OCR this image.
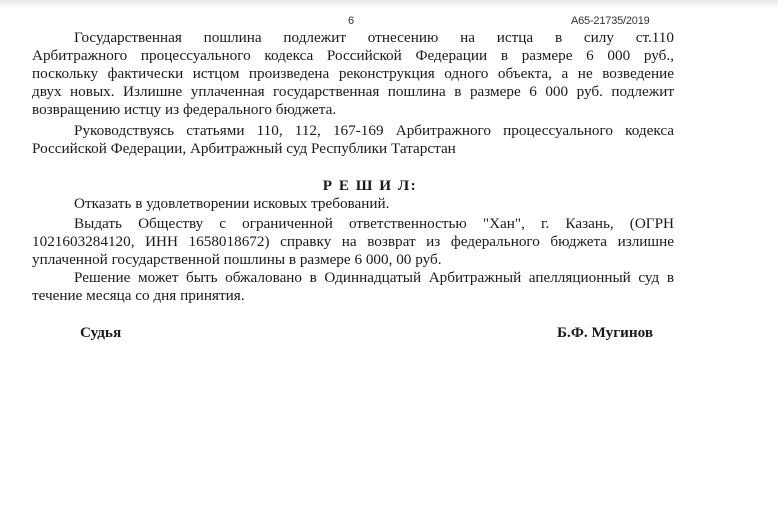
6	А65-21735/2019
Государственная пошлина подлежит отнесению на истца в силу ст.110
Арбитражного процессуального кодекса Российской Федерации в размере 6 000 руб.,
поскольку фактически истцом произведена реконструкция одного объекта, а не возведение
двух новых. Излишне уплаченная государственная пошлина в размере 6 000 руб. подлежит
возвращению истцу из федерального бюджета.
Руководствуясь статьями 110, 112, 167-169 Арбитражного процессуального кодекса
Российской Федерации, Арбитражный суд Республики Татарстан
Р Е Ш И Л:
Отказать в удовлетворении исковых требований.
Выдать Обществу с ограниченной ответственностью "Хан", г. Казань, (ОГРН
1021603284120, ИНН 1658018672) справку на возврат из федерального бюджета излишне
уплаченной государственной пошлины в размере 6 000, 00 руб.
Решение может быть обжаловано в Одиннадцатый Арбитражный апелляционный суд в
течение месяца со дня принятия.
Судья	Б.Ф. Мугинов
